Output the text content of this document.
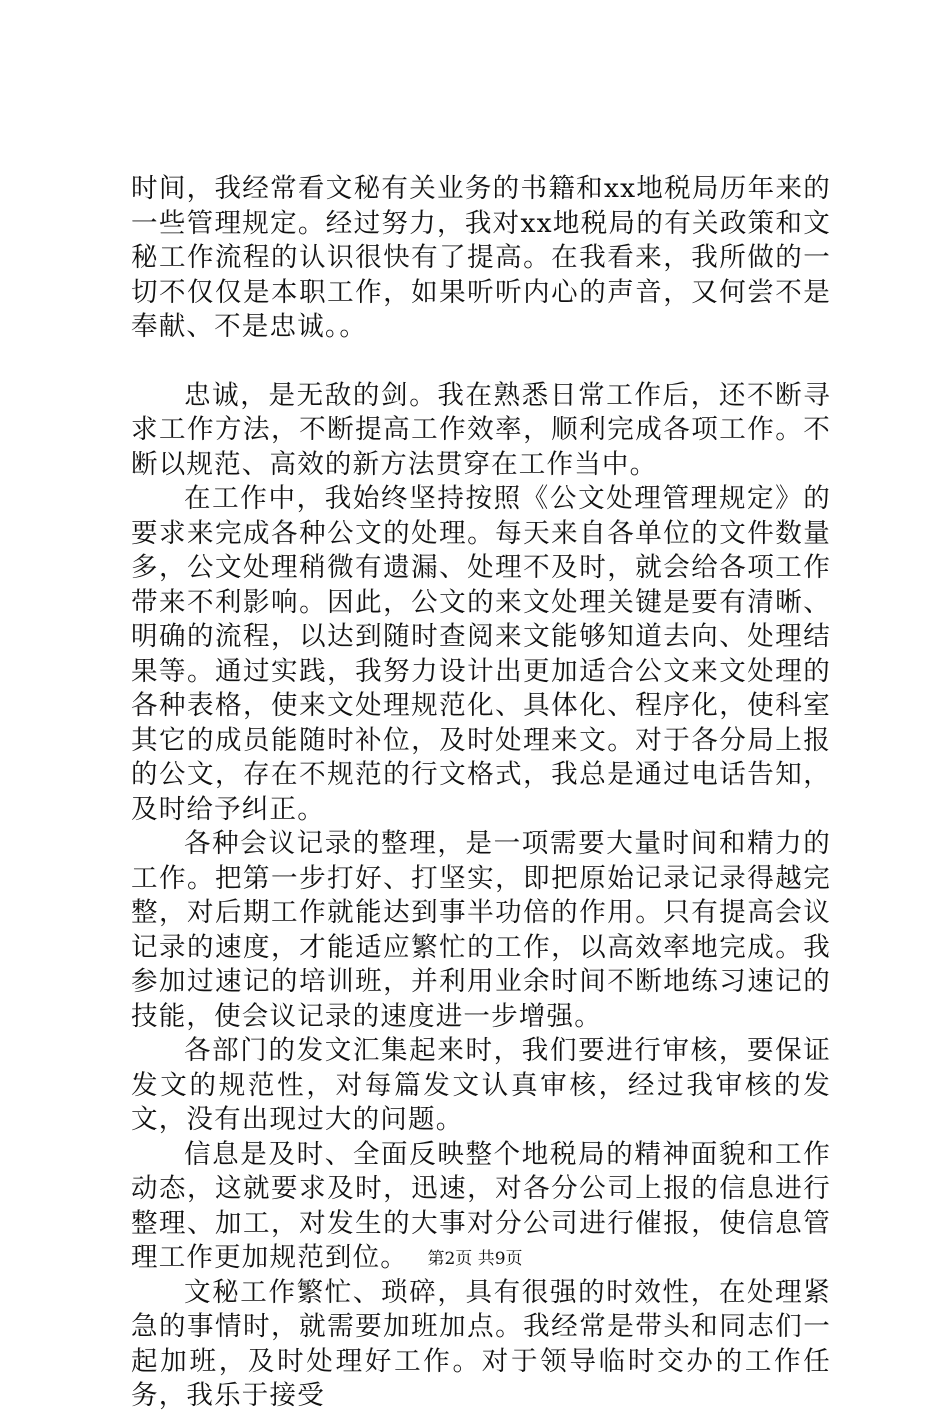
时间，我经常看文秘有关业务的书籍和xx地税局历年来的一些管理规定。经过努力，我对xx地税局的有关政策和文秘工作流程的认识很快有了提高。在我看来，我所做的一切不仅仅是本职工作，如果听听内心的声音，又何尝不是奉献、不是忠诚。。

忠诚，是无敌的剑。我在熟悉日常工作后，还不断寻求工作方法，不断提高工作效率，顺利完成各项工作。不断以规范、高效的新方法贯穿在工作当中。

在工作中，我始终坚持按照《公文处理管理规定》的要求来完成各种公文的处理。每天来自各单位的文件数量多，公文处理稍微有遗漏、处理不及时，就会给各项工作带来不利影响。因此，公文的来文处理关键是要有清晰、明确的流程，以达到随时查阅来文能够知道去向、处理结果等。通过实践，我努力设计出更加适合公文来文处理的各种表格，使来文处理规范化、具体化、程序化，使科室其它的成员能随时补位，及时处理来文。对于各分局上报的公文，存在不规范的行文格式，我总是通过电话告知，及时给予纠正。

各种会议记录的整理，是一项需要大量时间和精力的工作。把第一步打好、打坚实，即把原始记录记录得越完整，对后期工作就能达到事半功倍的作用。只有提高会议记录的速度，才能适应繁忙的工作，以高效率地完成。我参加过速记的培训班，并利用业余时间不断地练习速记的技能，使会议记录的速度进一步增强。

各部门的发文汇集起来时，我们要进行审核，要保证发文的规范性，对每篇发文认真审核，经过我审核的发文，没有出现过大的问题。

信息是及时、全面反映整个地税局的精神面貌和工作动态，这就要求及时，迅速，对各分公司上报的信息进行整理、加工，对发生的大事对分公司进行催报，使信息管理工作更加规范到位。

文秘工作繁忙、琐碎，具有很强的时效性，在处理紧急的事情时，就需要加班加点。我经常是带头和同志们一起加班，及时处理好工作。对于领导临时交办的工作任务，我乐于接受

第2页 共9页
